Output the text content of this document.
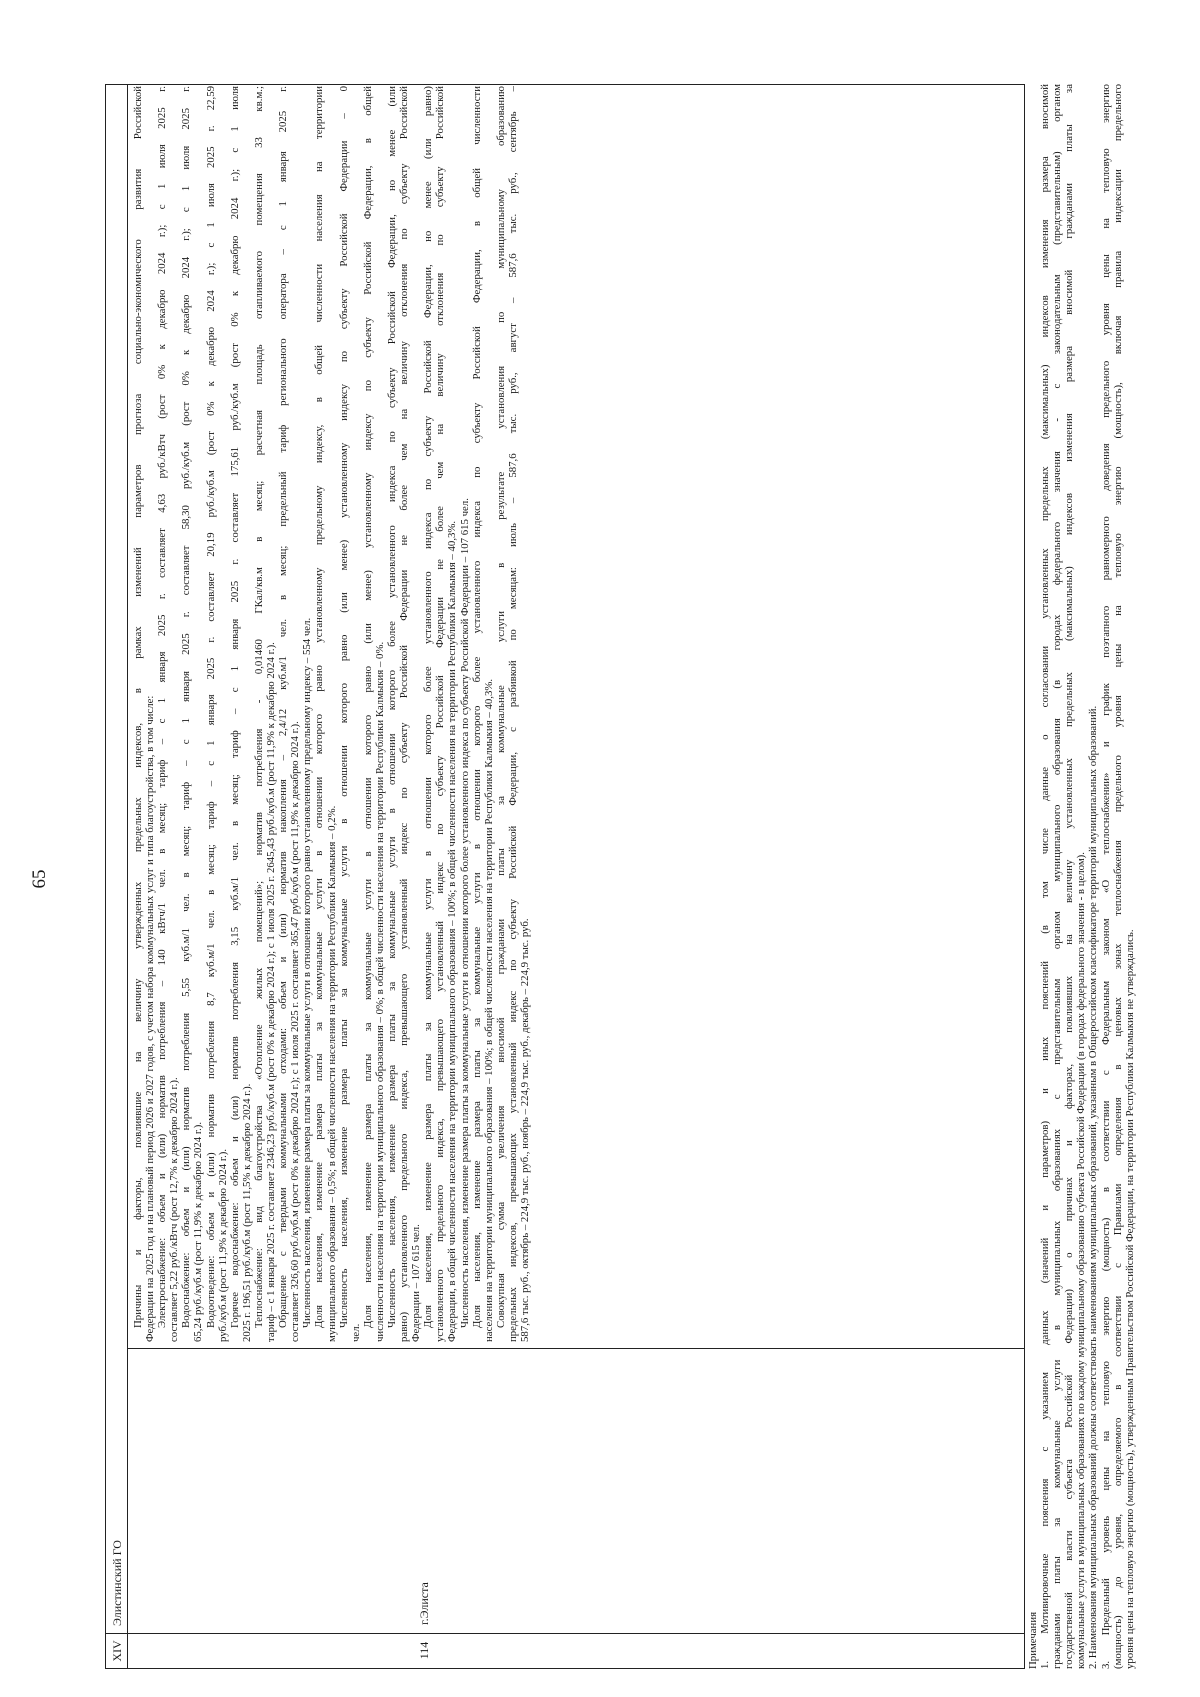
65
XIV
Элистинский ГО
114
г.Элиста
Причины и факторы, повлиявшие на величину утвержденных предельных индексов, в рамках изменений параметров прогноза социально-экономического развития Российской Федерации на 2025 год и на плановый период 2026 и 2027 годов, с учетом набора коммунальных услуг и типа благоустройства, в том числе: Электроснабжение: объем и (или) норматив потребления – 140 кВтч/1 чел. в месяц; тариф – с 1 января 2025 г. составляет 4,63 руб./кВтч (рост 0% к декабрю 2024 г.); с 1 июля 2025 г. составляет 5,22 руб./кВтч (рост 12,7% к декабрю 2024 г.). Водоснабжение: объем и (или) норматив потребления 5,55 куб.м/1 чел. в месяц; тариф – с 1 января 2025 г. составляет 58,30 руб./куб.м (рост 0% к декабрю 2024 г.); с 1 июля 2025 г. 65,24 руб./куб.м (рост 11,9% к декабрю 2024 г.). Водоотведение: объем и (или) норматив потребления 8,7 куб.м/1 чел. в месяц; тариф – с 1 января 2025 г. составляет 20,19 руб./куб.м (рост 0% к декабрю 2024 г.); с 1 июля 2025 г. 22,59 руб./куб.м (рост 11,9% к декабрю 2024 г.). Горячее водоснабжение: объем и (или) норматив потребления 3,15 куб.м/1 чел. в месяц; тариф – с 1 января 2025 г. составляет 175,61 руб./куб.м (рост 0% к декабрю 2024 г.); с 1 июля 2025 г. 196,51 руб./куб.м (рост 11,5% к декабрю 2024 г.). Теплоснабжение: вид благоустройства «Отопление жилых помещений»; норматив потребления - 0,01460 ГКал/кв.м в месяц; расчетная площадь отапливаемого помещения 33 кв.м.; тариф – с 1 января 2025 г. составляет 2346,23 руб./куб.м (рост 0% к декабрю 2024 г.); с 1 июля 2025 г. 2645,43 руб./куб.м (рост 11,9% к декабрю 2024 г.). Обращение с твердыми коммунальными отходами: объем и (или) норматив накопления – 2,4/12 куб.м/1 чел. в месяц; предельный тариф регионального оператора – с 1 января 2025 г. составляет 326,60 руб./куб.м (рост 0% к декабрю 2024 г.); с 1 июля 2025 г. составляет 365,47 руб./куб.м (рост 11,9% к декабрю 2024 г.). Численность населения, изменение размера платы за коммунальные услуги в отношении которого равно установленному предельному индексу – 554 чел. Доля населения, изменение размера платы за коммунальные услуги в отношении которого равно установленному предельному индексу, в общей численности населения на территории муниципального образования – 0,5%; в общей численности населения на территории Республики Калмыкия – 0,2%. Численность населения, изменение размера платы за коммунальные услуги в отношении которого равно (или менее) установленному индексу по субъекту Российской Федерации – 0
чел.
Доля населения, изменение размера платы за коммунальные услуги в отношении которого равно (или менее) установленному индексу по субъекту Российской Федерации, в общей численности населения на территории муниципального образования – 0%; в общей численности населения на территории Республики Калмыкия – 0%. Численность населения, изменение размера платы за коммунальные услуги в отношении которого более установленного индекса по субъекту Российской Федерации, но менее (или равно) установленного предельного индекса, превышающего установленный индекс по субъекту Российской Федерации не более чем на величину отклонения по субъекту Российской Федерации – 107 615 чел. Доля населения, изменение размера платы за коммунальные услуги в отношении которого более установленного индекса по субъекту Российской Федерации, но менее (или равно) установленного предельного индекса, превышающего установленный индекс по субъекту Российской Федерации не более чем на величину отклонения по субъекту Российской Федерации, в общей численности населения на территории муниципального образования – 100%; в общей численности населения на территории Республики Калмыкия – 40,3%. Численность населения, изменение размера платы за коммунальные услуги в отношении которого более установленного индекса по субъекту Российской Федерации – 107 615 чел. Доля населения, изменение размера платы за коммунальные услуги в отношении которого более установленного индекса по субъекту Российской Федерации, в общей численности населения на территории муниципального образования – 100%; в общей численности населения на территории Республики Калмыкия – 40,3%. Совокупная сумма увеличения вносимой гражданами платы за коммунальные услуги в результате установления по муниципальному образованию предельных индексов, превышающих установленный индекс по субъекту Российской Федерации, с разбивкой по месяцам: июль – 587,6 тыс. руб., август – 587,6 тыс. руб., сентябрь – 587,6 тыс. руб., октябрь – 224,9 тыс. руб., ноябрь – 224,9 тыс. руб., декабрь – 224,9 тыс. руб.
Примечания 1. Мотивировочные пояснения с указанием данных (значений и параметров) и иных пояснений (в том числе данные о согласовании установленных предельных (максимальных) индексов изменения размера вносимой гражданами платы за коммунальные услуги в муниципальных образованиях с представительным органом муниципального образования (в городах федерального значения - с законодательным (представительным) органом государственной власти субъекта Российской Федерации) о причинах и факторах, повлиявших на величину установленных предельных (максимальных) индексов изменения размера вносимой гражданами платы за коммунальные услуги в муниципальных образованиях по каждому муниципальному образованию субъекта Российской Федерации (в городах федерального значения - в целом). 2. Наименования муниципальных образований должны соответствовать наименованиям муниципальных образований, указанным в Общероссийском классификаторе территорий муниципальных образований. 3. Предельный уровень цены на тепловую энергию (мощность) в соответствии с Федеральным законом «О теплоснабжении» и график поэтапного равномерного доведения предельного уровня цены на тепловую энергию (мощность) до уровня, определяемого в соответствии с Правилами определения в ценовых зонах теплоснабжения предельного уровня цены на тепловую энергию (мощность), включая правила индексации предельного уровня цены на тепловую энергию (мощность), утвержденным Правительством Российской Федерации, на территории Республики Калмыкия не утверждались.
